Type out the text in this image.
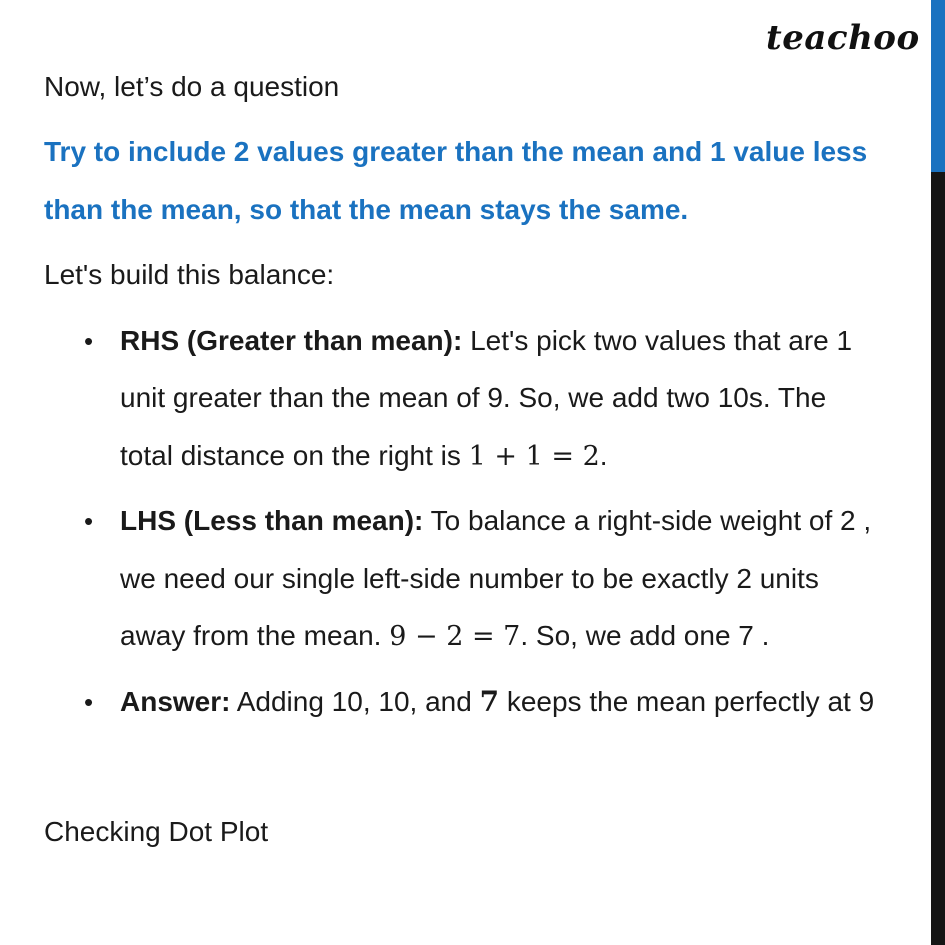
teachoo
Now, let’s do a question
Try to include 2 values greater than the mean and 1 value less
than the mean, so that the mean stays the same.
Let's build this balance:
• RHS (Greater than mean): Let's pick two values that are 1
unit greater than the mean of 9. So, we add two 10s. The
total distance on the right is 1 + 1 = 2.
• LHS (Less than mean): To balance a right-side weight of 2 ,
we need our single left-side number to be exactly 2 units
away from the mean. 9 − 2 = 7. So, we add one 7 .
• Answer: Adding 10, 10, and 7 keeps the mean perfectly at 9
Checking Dot Plot
